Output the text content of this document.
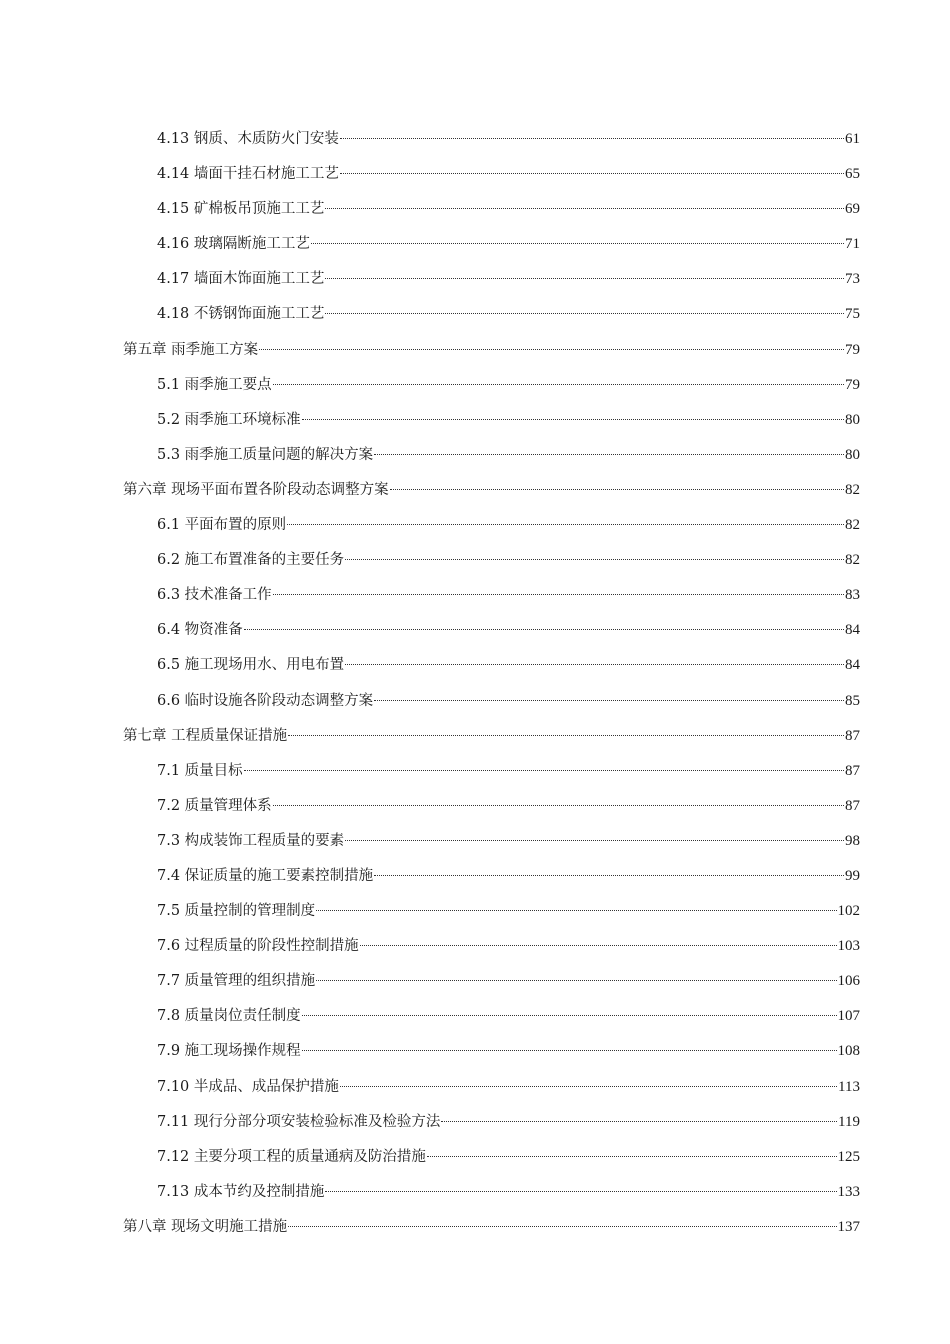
4.13 钢质、木质防火门安装	61
4.14 墙面干挂石材施工工艺	65
4.15 矿棉板吊顶施工工艺	69
4.16 玻璃隔断施工工艺	71
4.17 墙面木饰面施工工艺	73
4.18 不锈钢饰面施工工艺	75
第五章 雨季施工方案	79
5.1 雨季施工要点	79
5.2 雨季施工环境标准	80
5.3 雨季施工质量问题的解决方案	80
第六章 现场平面布置各阶段动态调整方案	82
6.1 平面布置的原则	82
6.2 施工布置准备的主要任务	82
6.3 技术准备工作	83
6.4 物资准备	84
6.5 施工现场用水、用电布置	84
6.6 临时设施各阶段动态调整方案	85
第七章 工程质量保证措施	87
7.1 质量目标	87
7.2 质量管理体系	87
7.3 构成装饰工程质量的要素	98
7.4 保证质量的施工要素控制措施	99
7.5 质量控制的管理制度	102
7.6 过程质量的阶段性控制措施	103
7.7 质量管理的组织措施	106
7.8 质量岗位责任制度	107
7.9 施工现场操作规程	108
7.10 半成品、成品保护措施	113
7.11 现行分部分项安装检验标准及检验方法	119
7.12 主要分项工程的质量通病及防治措施	125
7.13 成本节约及控制措施	133
第八章 现场文明施工措施	137
